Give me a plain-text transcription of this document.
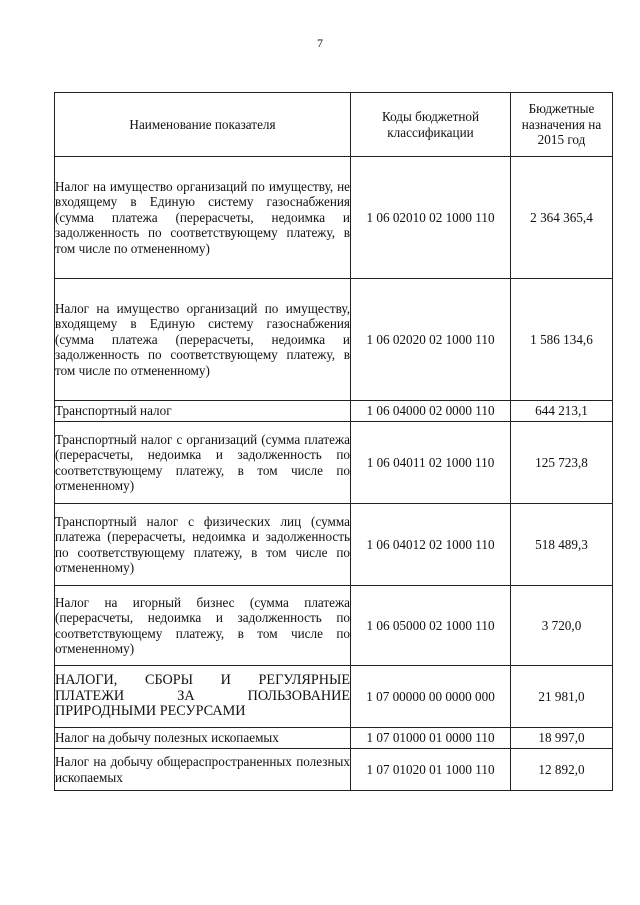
7
Наименование показателя	Коды бюджетной классификации	Бюджетные назначения на 2015 год

Налог на имущество организаций по имуществу, не входящему в Единую систему газоснабжения (сумма платежа (перерасчеты, недоимка и задолженность по соответствующему платежу, в том числе по отмененному)	1 06 02010 02 1000 110	2 364 365,4
Налог на имущество организаций по имуществу, входящему в Единую систему газоснабжения (сумма платежа (перерасчеты, недоимка и задолженность по соответствующему платежу, в том числе по отмененному)	1 06 02020 02 1000 110	1 586 134,6
Транспортный налог	1 06 04000 02 0000 110	644 213,1
Транспортный налог с организаций (сумма платежа (перерасчеты, недоимка и задолженность по соответствующему платежу, в том числе по отмененному)	1 06 04011 02 1000 110	125 723,8
Транспортный налог с физических лиц (сумма платежа (перерасчеты, недоимка и задолженность по соответствующему платежу, в том числе по отмененному)	1 06 04012 02 1000 110	518 489,3
Налог на игорный бизнес (сумма платежа (перерасчеты, недоимка и задолженность по соответствующему платежу, в том числе по отмененному)	1 06 05000 02 1000 110	3 720,0
НАЛОГИ, СБОРЫ И РЕГУЛЯРНЫЕ ПЛАТЕЖИ ЗА ПОЛЬЗОВАНИЕ ПРИРОДНЫМИ РЕСУРСАМИ	1 07 00000 00 0000 000	21 981,0
Налог на добычу полезных ископаемых	1 07 01000 01 0000 110	18 997,0
Налог на добычу общераспространенных полезных ископаемых	1 07 01020 01 1000 110	12 892,0
